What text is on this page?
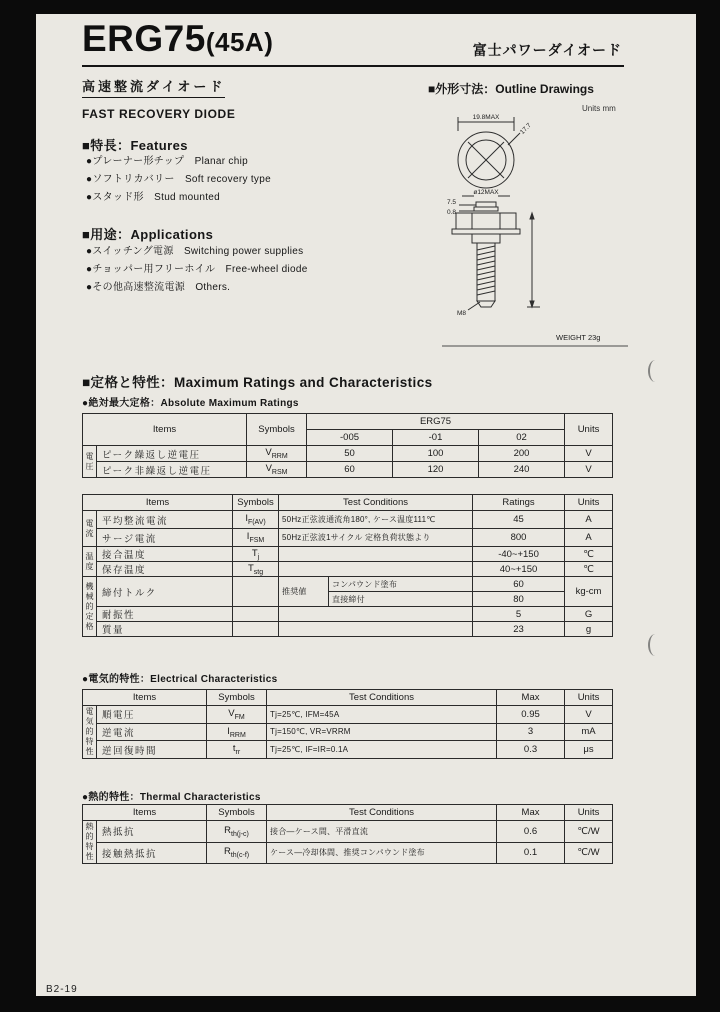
ERG75(45A)	富士パワーダイオード
高速整流ダイオード
FAST RECOVERY DIODE
■特長：Features
●プレーナー形チップ　Planar chip
●ソフトリカバリー　Soft recovery type
●スタッド形　Stud mounted
■用途：Applications
●スイッチング電源　Switching power supplies
●チョッパー用フリーホイル　Free-wheel diode
●その他高速整流電源　Others.
■外形寸法：Outline Drawings
Units mm
19.8MAX
17.7
ø12MAX
7.5
0.8
M8
WEIGHT 23g
■定格と特性：Maximum Ratings and Characteristics
●絶対最大定格：Absolute Maximum Ratings
Items		Symbols	ERG75			Units
			-005	-01	02	
電圧	ピーク繰返し逆電圧	$V_{RRM}$	50	100	200	V
	ピーク非繰返し逆電圧	$V_{RSM}$	60	120	240	V
Items		Symbols	Test Conditions		Ratings	Units
電流	平均整流電流	$I_{F(AV)}$	50Hz正弦波通流角180°, ケース温度111℃		45	A
	サージ電流	$I_{FSM}$	50Hz正弦波1サイクル 定格負荷状態より		800	A
温度	接合温度	$T_j$			-40~+150	℃
	保存温度	$T_{stg}$			40~+150	℃
機械的定格	締付トルク		推奨値	コンパウンド塗布	60	kg-cm
				直接締付	80	
	耐振性				5	G
	質量				23	g
●電気的特性：Electrical Characteristics
Items		Symbols	Test Conditions	Max	Units
電気的特性	順電圧	$V_{FM}$	Tj=25℃, IFM=45A	0.95	V
	逆電流	$I_{RRM}$	Tj=150℃, VR=VRRM	3	mA
	逆回復時間	$t_{rr}$	Tj=25℃, IF=IR=0.1A	0.3	μs
●熱的特性：Thermal Characteristics
Items		Symbols	Test Conditions	Max	Units
熱的特性	熱抵抗	$R_{th(j-c)}$	接合—ケース間、平滑直流	0.6	℃/W
	接触熱抵抗	$R_{th(c-f)}$	ケース—冷却体間、推奨コンパウンド塗布	0.1	℃/W
B2-19
